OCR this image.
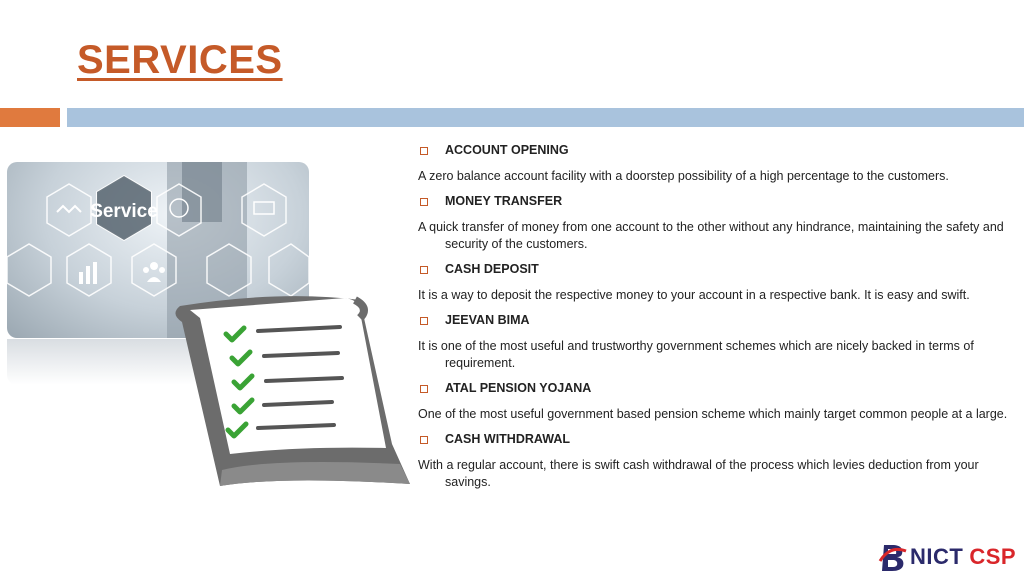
SERVICES
Service
ACCOUNT OPENING
A zero balance account facility with a doorstep possibility of a high percentage to the customers.
MONEY TRANSFER
A quick transfer of money from one account to the other without any hindrance, maintaining the safety and security of the customers.
CASH DEPOSIT
It is a way to deposit the respective money to your account in a respective bank. It is easy and swift.
JEEVAN BIMA
It is one of the most useful and trustworthy government schemes which are nicely backed in terms of requirement.
ATAL PENSION YOJANA
One of the most useful government based pension scheme which mainly target common people at a large.
CASH WITHDRAWAL
With a regular account, there is swift cash withdrawal of the process which levies deduction from your savings.
NICT CSP
